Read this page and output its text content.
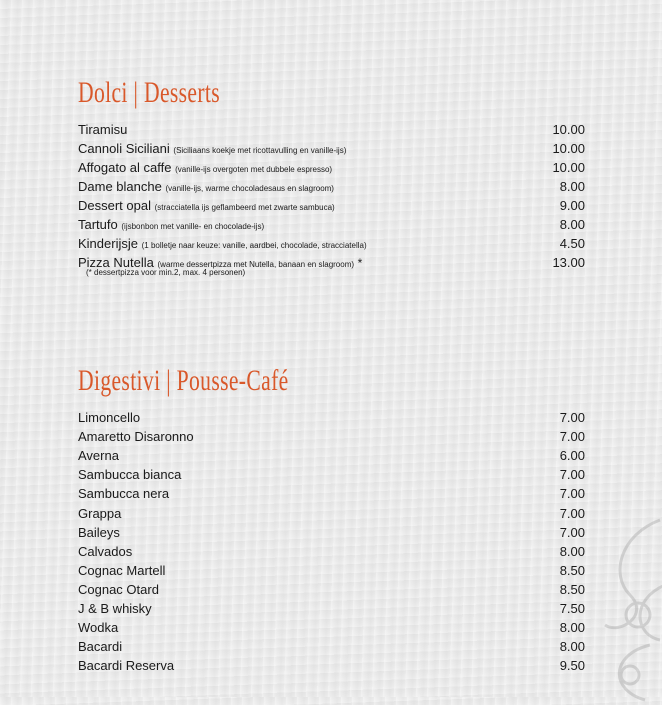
Dolci | Desserts
Tiramisu	10.00
Cannoli Siciliani (Siciliaans koekje met ricottavulling en vanille-ijs)	10.00
Affogato al caffe (vanille-ijs overgoten met dubbele espresso)	10.00
Dame blanche (vanille-ijs, warme chocoladesaus en slagroom)	8.00
Dessert opal (stracciatella ijs geflambeerd met zwarte sambuca)	9.00
Tartufo (ijsbonbon met vanille- en chocolade-ijs)	8.00
Kinderijsje (1 bolletje naar keuze: vanille, aardbei, chocolade, stracciatella)	4.50
Pizza Nutella (warme dessertpizza met Nutella, banaan en slagroom) *	13.00
(* dessertpizza voor min.2, max. 4 personen)
Digestivi | Pousse-Café
Limoncello	7.00
Amaretto Disaronno	7.00
Averna	6.00
Sambucca bianca	7.00
Sambucca nera	7.00
Grappa	7.00
Baileys	7.00
Calvados	8.00
Cognac Martell	8.50
Cognac Otard	8.50
J & B whisky	7.50
Wodka	8.00
Bacardi	8.00
Bacardi Reserva	9.50
